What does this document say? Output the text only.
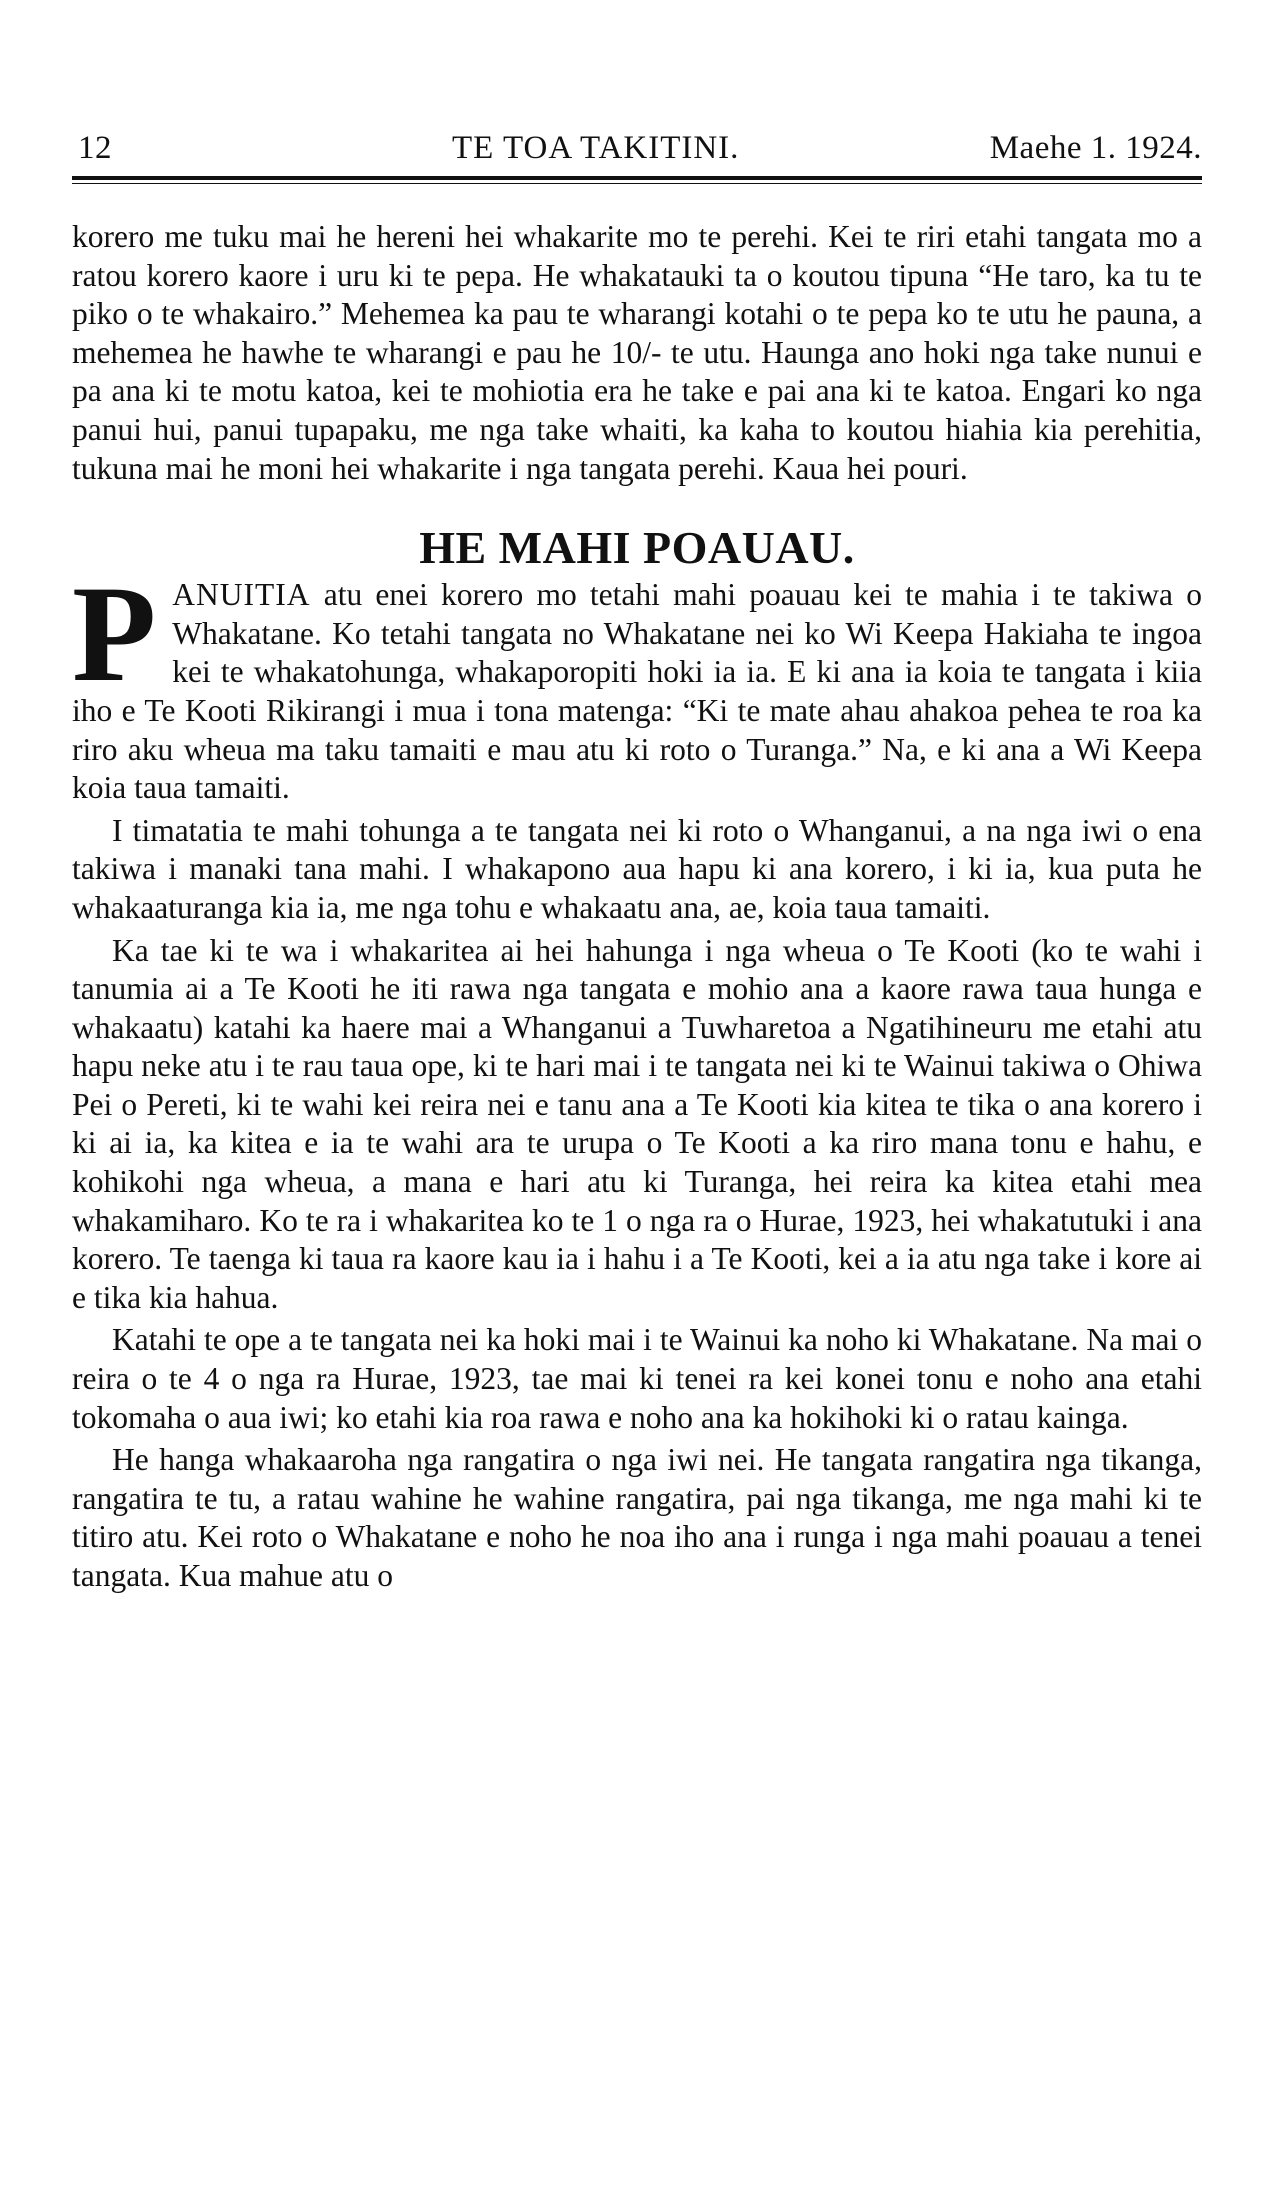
12	TE TOA TAKITINI.	Maehe 1. 1924.

korero me tuku mai he hereni hei whakarite mo te perehi. Kei te riri etahi tangata mo a ratou korero kaore i uru ki te pepa. He whakatauki ta o koutou tipuna “He taro, ka tu te piko o te whakairo.” Mehemea ka pau te wharangi kotahi o te pepa ko te utu he pauna, a mehemea he hawhe te wharangi e pau he 10/- te utu. Haunga ano hoki nga take nunui e pa ana ki te motu katoa, kei te mohiotia era he take e pai ana ki te katoa. Engari ko nga panui hui, panui tupapaku, me nga take whaiti, ka kaha to koutou hiahia kia perehitia, tukuna mai he moni hei whakarite i nga tangata perehi. Kaua hei pouri.

HE MAHI POAUAU.

PANUITIA atu enei korero mo tetahi mahi poauau kei te mahia i te takiwa o Whakatane. Ko tetahi tangata no Whakatane nei ko Wi Keepa Hakiaha te ingoa kei te whakatohunga, whakaporopiti hoki ia ia. E ki ana ia koia te tangata i kiia iho e Te Kooti Rikirangi i mua i tona matenga: “Ki te mate ahau ahakoa pehea te roa ka riro aku wheua ma taku tamaiti e mau atu ki roto o Turanga.” Na, e ki ana a Wi Keepa koia taua tamaiti.

I timatatia te mahi tohunga a te tangata nei ki roto o Whanganui, a na nga iwi o ena takiwa i manaki tana mahi. I whakapono aua hapu ki ana korero, i ki ia, kua puta he whakaaturanga kia ia, me nga tohu e whakaatu ana, ae, koia taua tamaiti.

Ka tae ki te wa i whakaritea ai hei hahunga i nga wheua o Te Kooti (ko te wahi i tanumia ai a Te Kooti he iti rawa nga tangata e mohio ana a kaore rawa taua hunga e whakaatu) katahi ka haere mai a Whanganui a Tuwharetoa a Ngatihineuru me etahi atu hapu neke atu i te rau taua ope, ki te hari mai i te tangata nei ki te Wainui takiwa o Ohiwa Pei o Pereti, ki te wahi kei reira nei e tanu ana a Te Kooti kia kitea te tika o ana korero i ki ai ia, ka kitea e ia te wahi ara te urupa o Te Kooti a ka riro mana tonu e hahu, e kohikohi nga wheua, a mana e hari atu ki Turanga, hei reira ka kitea etahi mea whakamiharo. Ko te ra i whakaritea ko te 1 o nga ra o Hurae, 1923, hei whakatutuki i ana korero. Te taenga ki taua ra kaore kau ia i hahu i a Te Kooti, kei a ia atu nga take i kore ai e tika kia hahua.

Katahi te ope a te tangata nei ka hoki mai i te Wainui ka noho ki Whakatane. Na mai o reira o te 4 o nga ra Hurae, 1923, tae mai ki tenei ra kei konei tonu e noho ana etahi tokomaha o aua iwi; ko etahi kia roa rawa e noho ana ka hokihoki ki o ratau kainga.

He hanga whakaaroha nga rangatira o nga iwi nei. He tangata rangatira nga tikanga, rangatira te tu, a ratau wahine he wahine rangatira, pai nga tikanga, me nga mahi ki te titiro atu. Kei roto o Whakatane e noho he noa iho ana i runga i nga mahi poauau a tenei tangata. Kua mahue atu o
